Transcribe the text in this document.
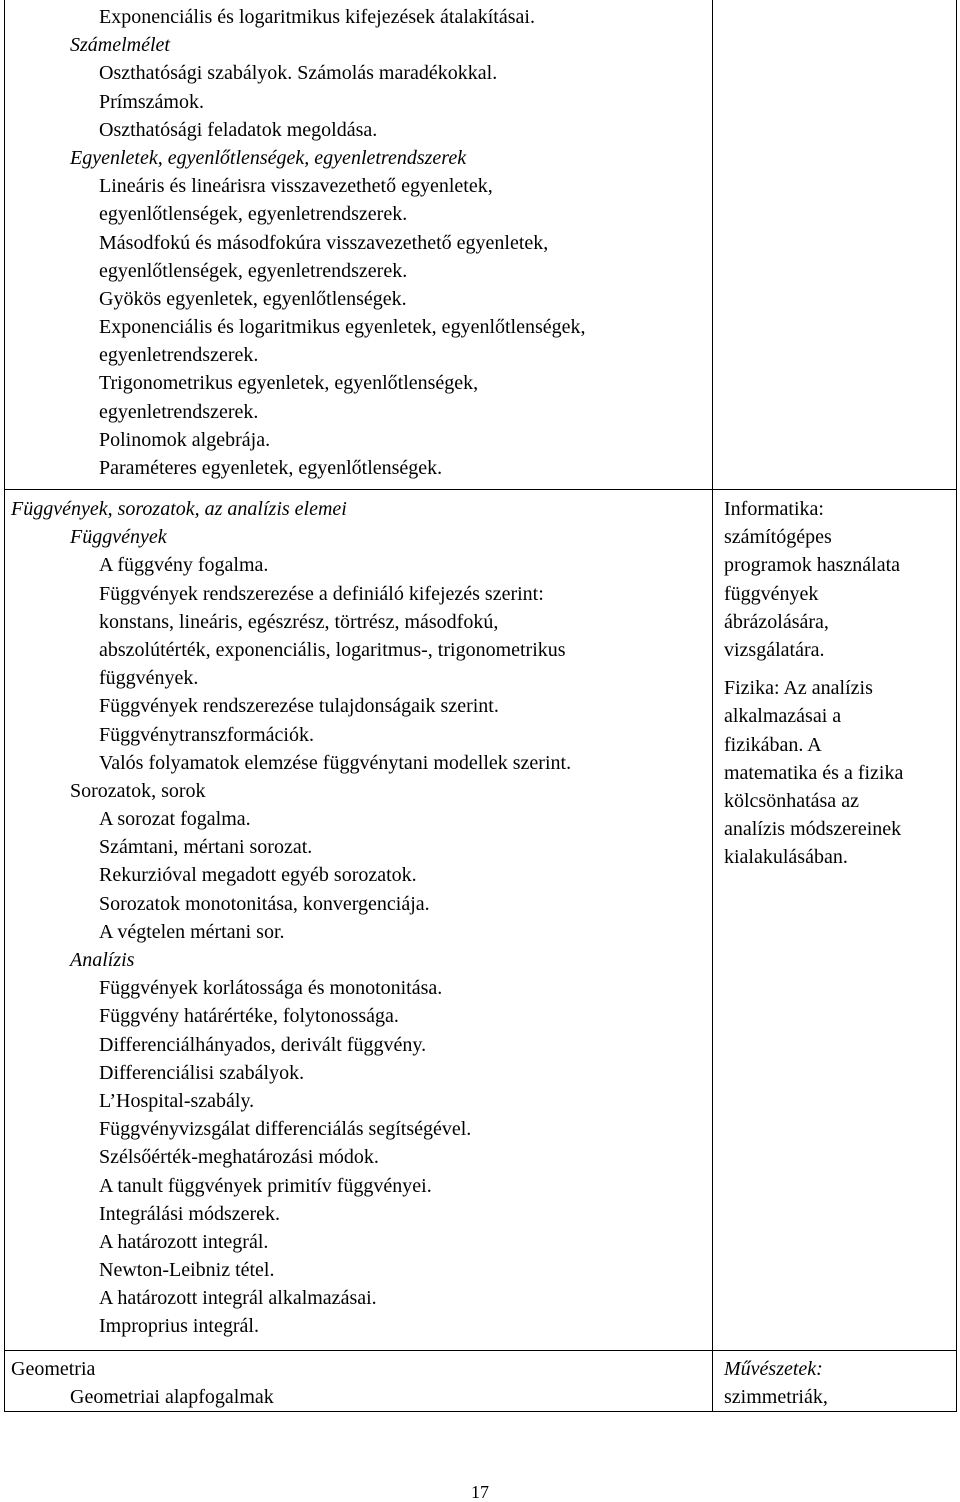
Exponenciális és logaritmikus kifejezések átalakításai.
Számelmélet
Oszthatósági szabályok. Számolás maradékokkal.
Prímszámok.
Oszthatósági feladatok megoldása.
Egyenletek, egyenlőtlenségek, egyenletrendszerek
Lineáris és lineárisra visszavezethető egyenletek,
egyenlőtlenségek, egyenletrendszerek.
Másodfokú és másodfokúra visszavezethető egyenletek,
egyenlőtlenségek, egyenletrendszerek.
Gyökös egyenletek, egyenlőtlenségek.
Exponenciális és logaritmikus egyenletek, egyenlőtlenségek,
egyenletrendszerek.
Trigonometrikus egyenletek, egyenlőtlenségek,
egyenletrendszerek.
Polinomok algebrája.
Paraméteres egyenletek, egyenlőtlenségek.
Függvények, sorozatok, az analízis elemei
Függvények
A függvény fogalma.
Függvények rendszerezése a definiáló kifejezés szerint:
konstans, lineáris, egészrész, törtrész, másodfokú,
abszolútérték, exponenciális, logaritmus-, trigonometrikus
függvények.
Függvények rendszerezése tulajdonságaik szerint.
Függvénytranszformációk.
Valós folyamatok elemzése függvénytani modellek szerint.
Sorozatok, sorok
A sorozat fogalma.
Számtani, mértani sorozat.
Rekurzióval megadott egyéb sorozatok.
Sorozatok monotonitása, konvergenciája.
A végtelen mértani sor.
Analízis
Függvények korlátossága és monotonitása.
Függvény határértéke, folytonossága.
Differenciálhányados, derivált függvény.
Differenciálisi szabályok.
L’Hospital-szabály.
Függvényvizsgálat differenciálás segítségével.
Szélsőérték-meghatározási módok.
A tanult függvények primitív függvényei.
Integrálási módszerek.
A határozott integrál.
Newton-Leibniz tétel.
A határozott integrál alkalmazásai.
Improprius integrál.
Informatika:
számítógépes
programok használata
függvények
ábrázolására,
vizsgálatára.
Fizika: Az analízis
alkalmazásai a
fizikában. A
matematika és a fizika
kölcsönhatása az
analízis módszereinek
kialakulásában.
Geometria
Geometriai alapfogalmak
Művészetek:
szimmetriák,
17
